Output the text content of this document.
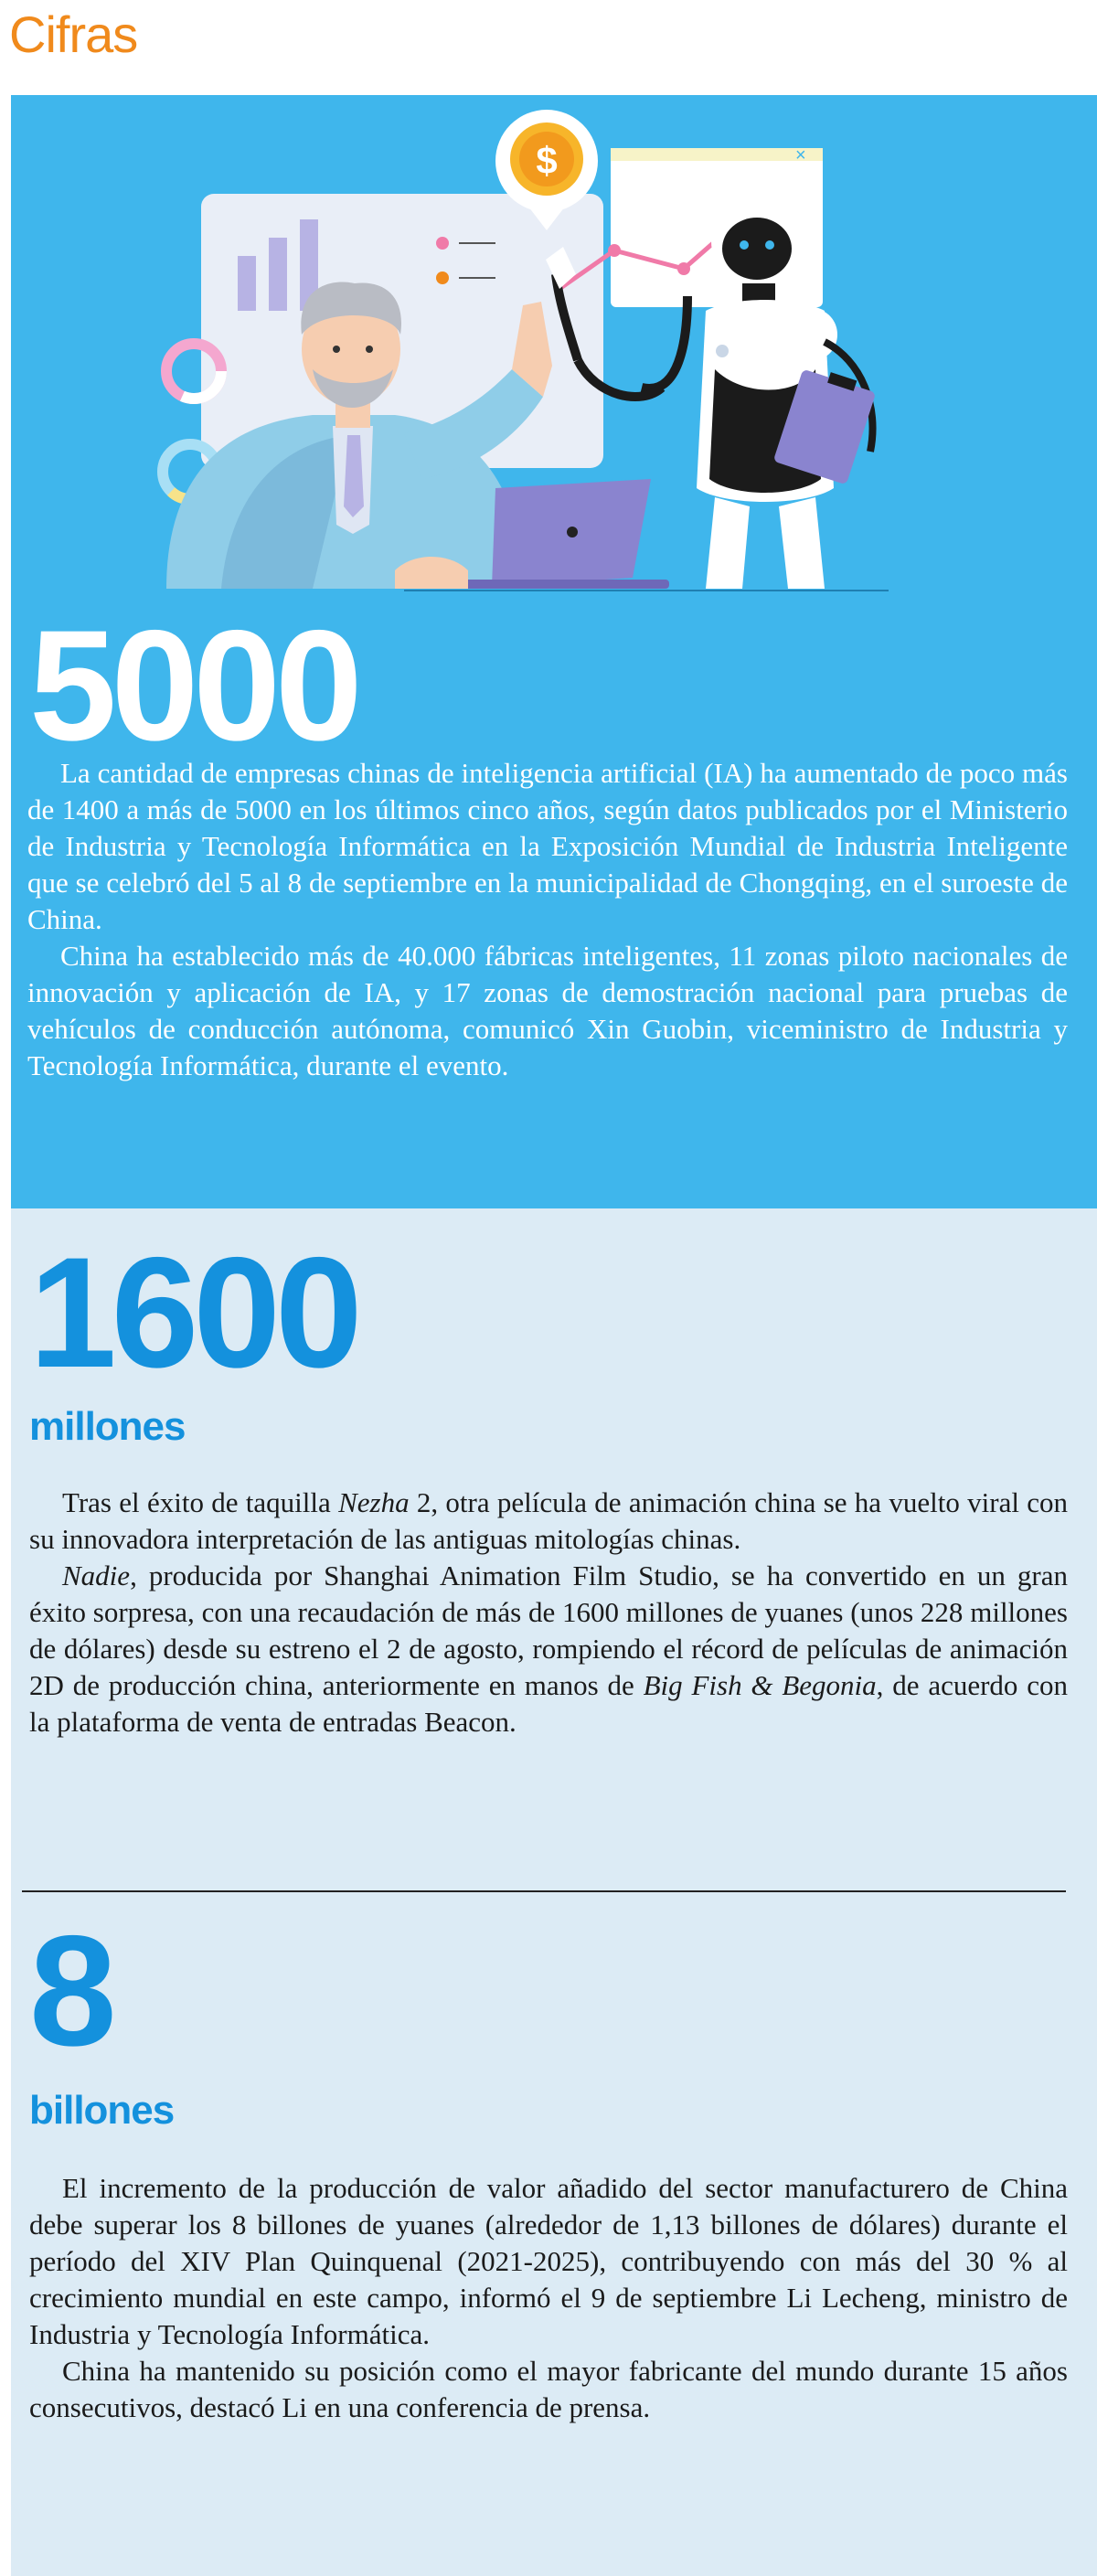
Cifras
×
$
5000

La cantidad de empresas chinas de inteligencia artificial (IA) ha aumentado de poco más de 1400 a más de 5000 en los últimos cinco años, según datos publicados por el Ministerio de Industria y Tecnología Informática en la Exposición Mundial de Industria Inteligente que se celebró del 5 al 8 de septiembre en la municipalidad de Chongqing, en el suroeste de China.

China ha establecido más de 40.000 fábricas inteligentes, 11 zonas piloto nacionales de innovación y aplicación de IA, y 17 zonas de demostración nacional para pruebas de vehículos de conducción autónoma, comunicó Xin Guobin, viceministro de Industria y Tecnología Informática, durante el evento.

1600
millones

Tras el éxito de taquilla Nezha 2, otra película de animación china se ha vuelto viral con su innovadora interpretación de las antiguas mitologías chinas.

Nadie, producida por Shanghai Animation Film Studio, se ha convertido en un gran éxito sorpresa, con una recaudación de más de 1600 millones de yuanes (unos 228 millones de dólares) desde su estreno el 2 de agosto, rompiendo el récord de películas de animación 2D de producción china, anteriormente en manos de Big Fish & Begonia, de acuerdo con la plataforma de venta de entradas Beacon.

8
billones

El incremento de la producción de valor añadido del sector manufacturero de China debe superar los 8 billones de yuanes (alrededor de 1,13 billones de dólares) durante el período del XIV Plan Quinquenal (2021-2025), contribuyendo con más del 30 % al crecimiento mundial en este campo, informó el 9 de septiembre Li Lecheng, ministro de Industria y Tecnología Informática.

China ha mantenido su posición como el mayor fabricante del mundo durante 15 años consecutivos, destacó Li en una conferencia de prensa.
